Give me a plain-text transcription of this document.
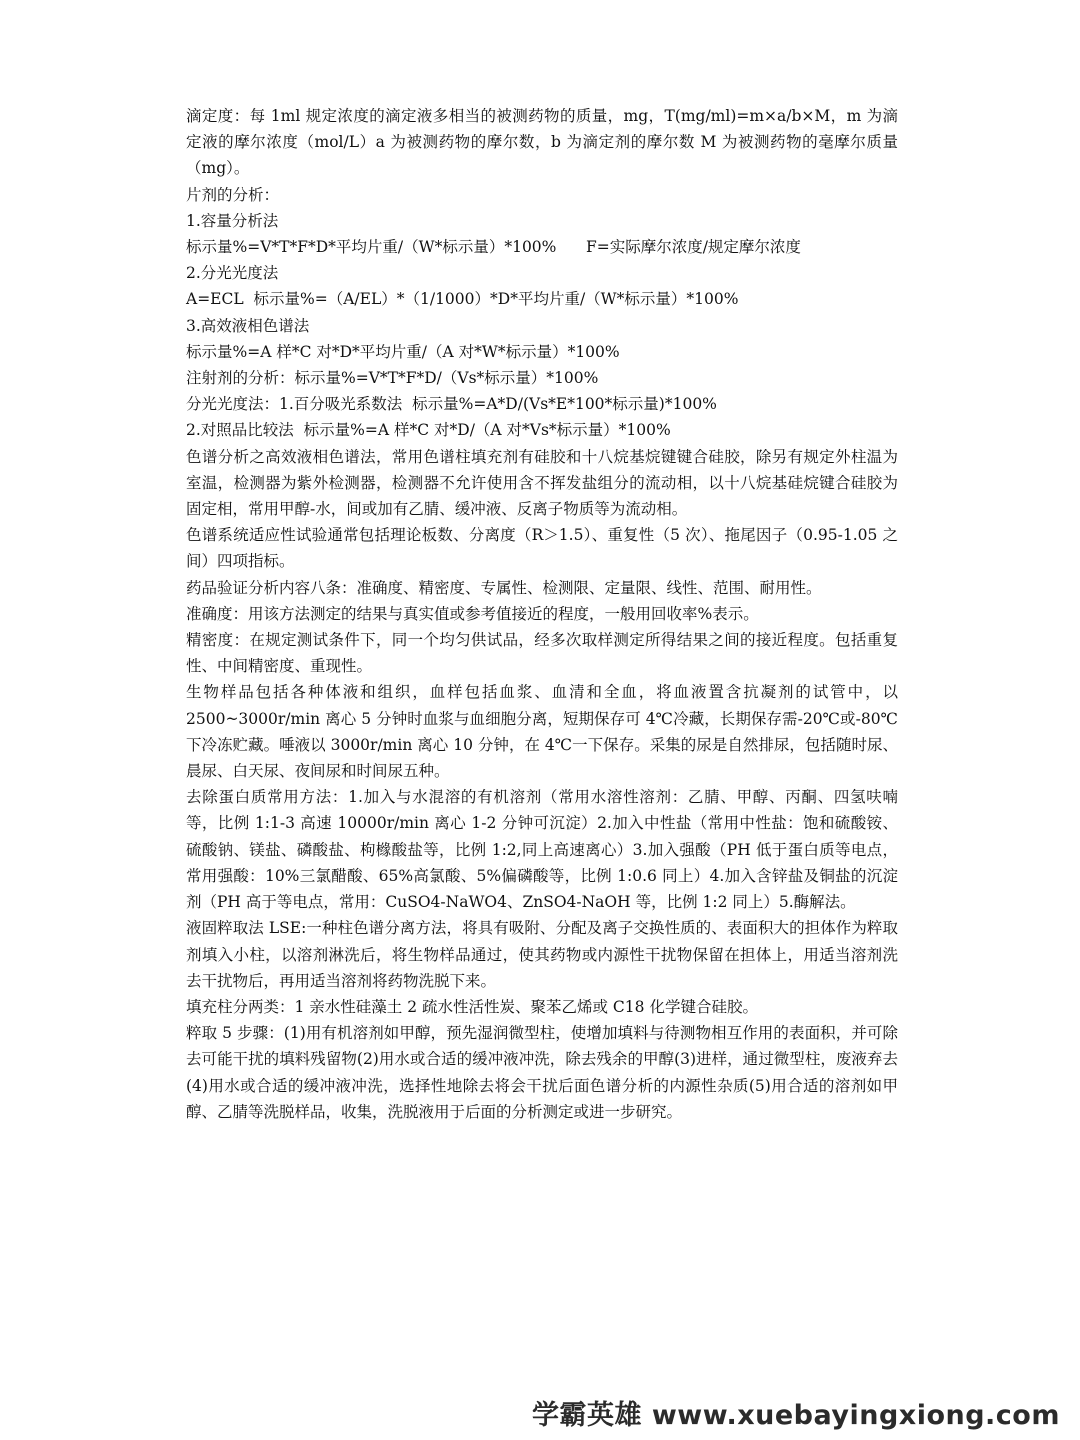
滴定度：每 1ml 规定浓度的滴定液多相当的被测药物的质量，mg，T(mg/ml)=m×a/b×M，m 为滴定液的摩尔浓度（mol/L）a 为被测药物的摩尔数，b 为滴定剂的摩尔数 M 为被测药物的毫摩尔质量（mg）。

片剂的分析：

1.容量分析法

标示量%=V*T*F*D*平均片重/（W*标示量）*100%      F=实际摩尔浓度/规定摩尔浓度

2.分光光度法

A=ECL  标示量%=（A/EL）*（1/1000）*D*平均片重/（W*标示量）*100%

3.高效液相色谱法

标示量%=A 样*C 对*D*平均片重/（A 对*W*标示量）*100%

注射剂的分析：标示量%=V*T*F*D/（Vs*标示量）*100%

分光光度法：1.百分吸光系数法  标示量%=A*D/(Vs*E*100*标示量)*100%

2.对照品比较法  标示量%=A 样*C 对*D/（A 对*Vs*标示量）*100%

色谱分析之高效液相色谱法，常用色谱柱填充剂有硅胶和十八烷基烷键键合硅胶，除另有规定外柱温为室温，检测器为紫外检测器，检测器不允许使用含不挥发盐组分的流动相，以十八烷基硅烷键合硅胶为固定相，常用甲醇-水，间或加有乙腈、缓冲液、反离子物质等为流动相。

色谱系统适应性试验通常包括理论板数、分离度（R＞1.5）、重复性（5 次）、拖尾因子（0.95-1.05 之间）四项指标。

药品验证分析内容八条：准确度、精密度、专属性、检测限、定量限、线性、范围、耐用性。

准确度：用该方法测定的结果与真实值或参考值接近的程度，一般用回收率%表示。

精密度：在规定测试条件下，同一个均匀供试品，经多次取样测定所得结果之间的接近程度。包括重复性、中间精密度、重现性。

生物样品包括各种体液和组织，血样包括血浆、血清和全血，将血液置含抗凝剂的试管中，以 2500~3000r/min 离心 5 分钟时血浆与血细胞分离，短期保存可 4℃冷藏，长期保存需-20℃或-80℃下冷冻贮藏。唾液以 3000r/min 离心 10 分钟，在 4℃一下保存。采集的尿是自然排尿，包括随时尿、晨尿、白天尿、夜间尿和时间尿五种。

去除蛋白质常用方法：1.加入与水混溶的有机溶剂（常用水溶性溶剂：乙腈、甲醇、丙酮、四氢呋喃等，比例 1:1-3 高速 10000r/min 离心 1-2 分钟可沉淀）2.加入中性盐（常用中性盐：饱和硫酸铵、硫酸钠、镁盐、磷酸盐、枸橼酸盐等，比例 1:2,同上高速离心）3.加入强酸（PH 低于蛋白质等电点，常用强酸：10%三氯醋酸、65%高氯酸、5%偏磷酸等，比例 1:0.6 同上）4.加入含锌盐及铜盐的沉淀剂（PH 高于等电点，常用：CuSO4-NaWO4、ZnSO4-NaOH 等，比例 1:2 同上）5.酶解法。

液固粹取法 LSE:一种柱色谱分离方法，将具有吸附、分配及离子交换性质的、表面积大的担体作为粹取剂填入小柱，以溶剂淋洗后，将生物样品通过，使其药物或内源性干扰物保留在担体上，用适当溶剂洗去干扰物后，再用适当溶剂将药物洗脱下来。

填充柱分两类：1 亲水性硅藻土 2 疏水性活性炭、聚苯乙烯或 C18 化学键合硅胶。

粹取 5 步骤：(1)用有机溶剂如甲醇，预先湿润微型柱，使增加填料与待测物相互作用的表面积，并可除去可能干扰的填料残留物(2)用水或合适的缓冲液冲洗，除去残余的甲醇(3)进样，通过微型柱，废液弃去(4)用水或合适的缓冲液冲洗，选择性地除去将会干扰后面色谱分析的内源性杂质(5)用合适的溶剂如甲醇、乙腈等洗脱样品，收集，洗脱液用于后面的分析测定或进一步研究。

学霸英雄 www.xuebayingxiong.com
